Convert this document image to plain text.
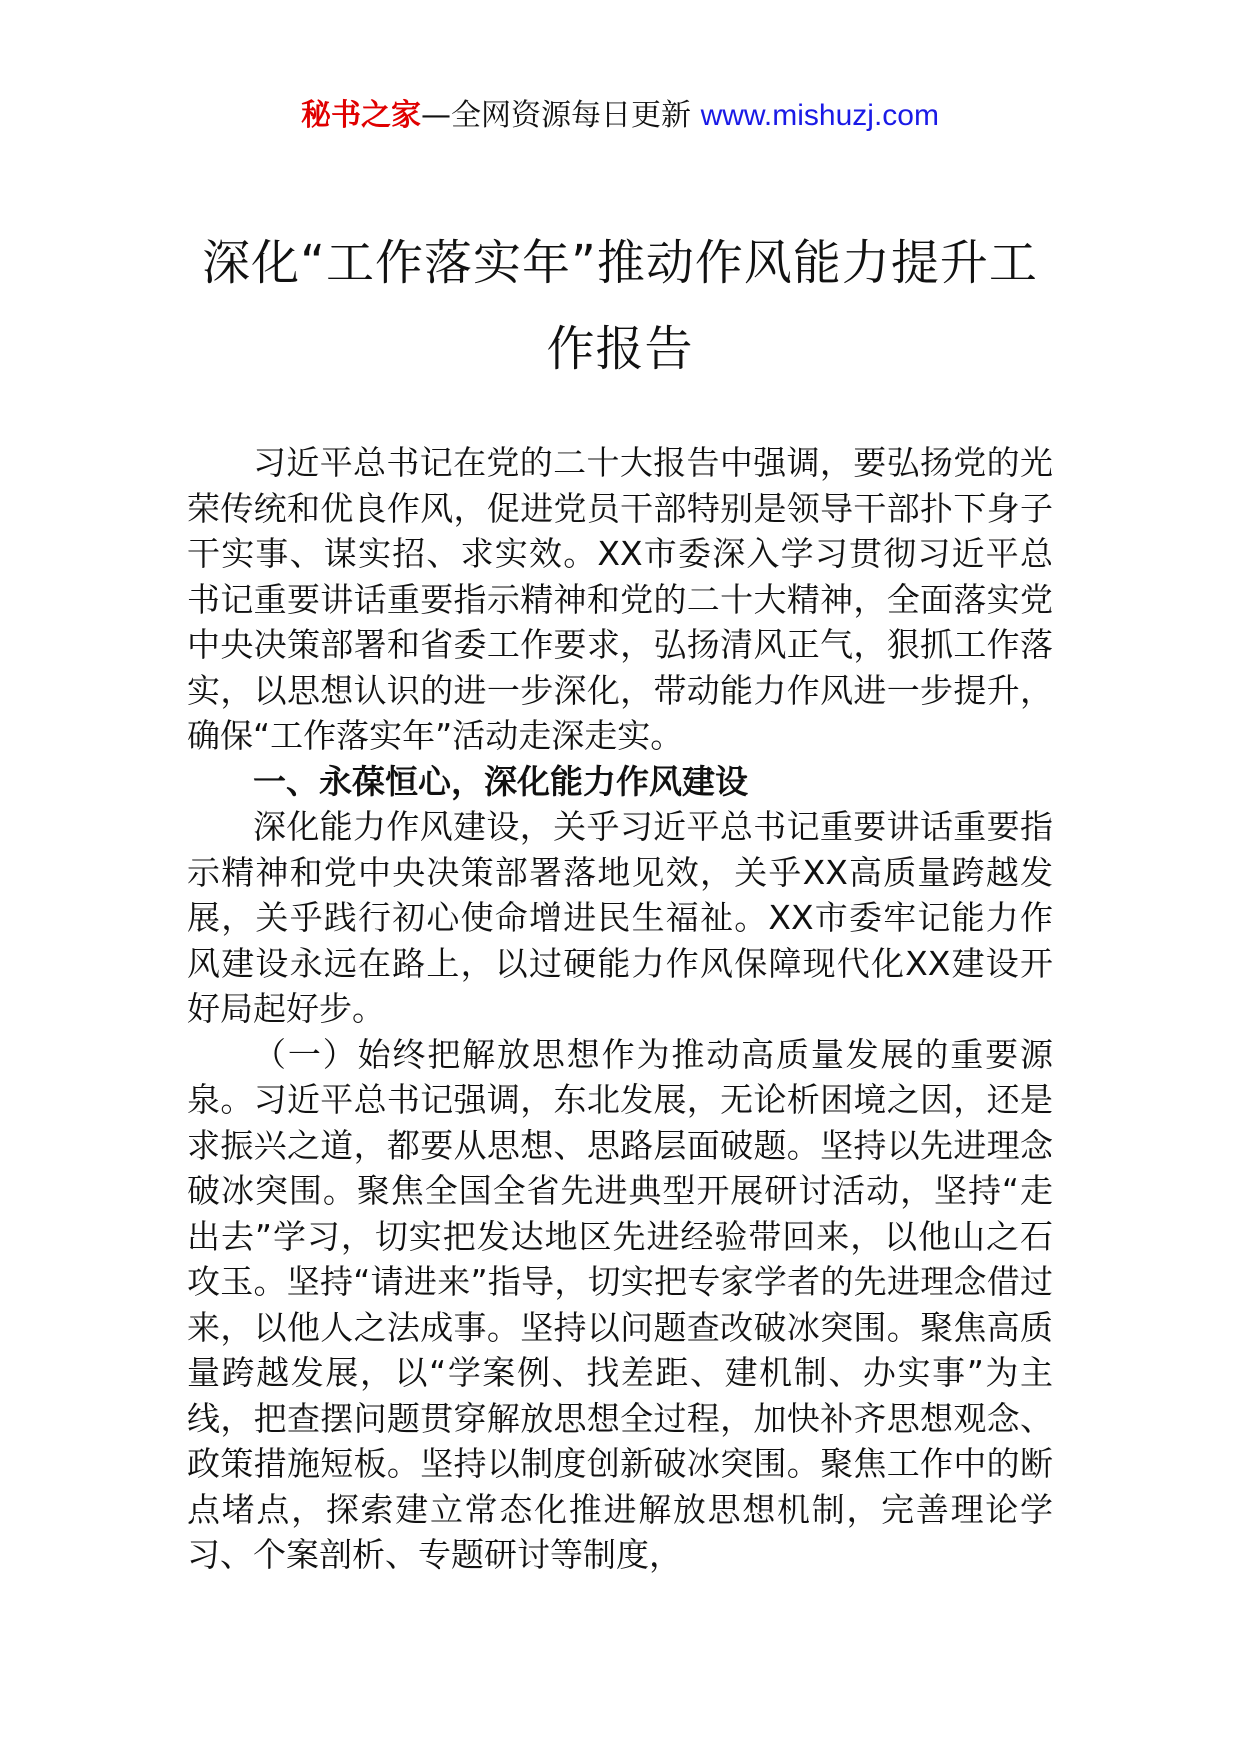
秘书之家—全网资源每日更新 www.mishuzj.com
深化“工作落实年”推动作风能力提升工作报告

习近平总书记在党的二十大报告中强调，要弘扬党的光荣传统和优良作风，促进党员干部特别是领导干部扑下身子干实事、谋实招、求实效。XX市委深入学习贯彻习近平总书记重要讲话重要指示精神和党的二十大精神，全面落实党中央决策部署和省委工作要求，弘扬清风正气，狠抓工作落实，以思想认识的进一步深化，带动能力作风进一步提升，确保“工作落实年”活动走深走实。

一、永葆恒心，深化能力作风建设

深化能力作风建设，关乎习近平总书记重要讲话重要指示精神和党中央决策部署落地见效，关乎XX高质量跨越发展，关乎践行初心使命增进民生福祉。XX市委牢记能力作风建设永远在路上，以过硬能力作风保障现代化XX建设开好局起好步。

（一）始终把解放思想作为推动高质量发展的重要源泉。习近平总书记强调，东北发展，无论析困境之因，还是求振兴之道，都要从思想、思路层面破题。坚持以先进理念破冰突围。聚焦全国全省先进典型开展研讨活动，坚持“走出去”学习，切实把发达地区先进经验带回来，以他山之石攻玉。坚持“请进来”指导，切实把专家学者的先进理念借过来，以他人之法成事。坚持以问题查改破冰突围。聚焦高质量跨越发展，以“学案例、找差距、建机制、办实事”为主线，把查摆问题贯穿解放思想全过程，加快补齐思想观念、政策措施短板。坚持以制度创新破冰突围。聚焦工作中的断点堵点，探索建立常态化推进解放思想机制，完善理论学习、个案剖析、专题研讨等制度，
